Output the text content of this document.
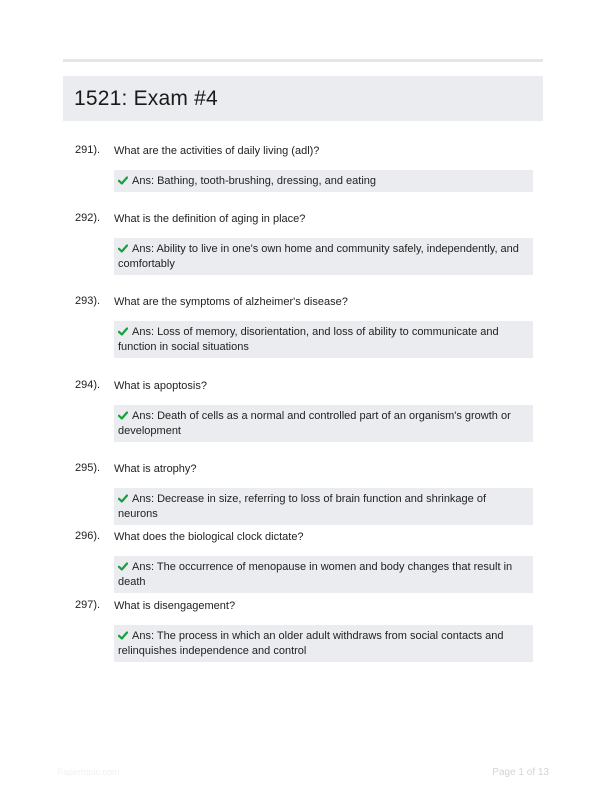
1521: Exam #4
291). What are the activities of daily living (adl)?
Ans: Bathing, tooth-brushing, dressing, and eating
292). What is the definition of aging in place?
Ans: Ability to live in one's own home and community safely, independently, and comfortably
293). What are the symptoms of alzheimer's disease?
Ans: Loss of memory, disorientation, and loss of ability to communicate and function in social situations
294). What is apoptosis?
Ans: Death of cells as a normal and controlled part of an organism's growth or development
295). What is atrophy?
Ans: Decrease in size, referring to loss of brain function and shrinkage of neurons
296). What does the biological clock dictate?
Ans: The occurrence of menopause in women and body changes that result in death
297). What is disengagement?
Ans: The process in which an older adult withdraws from social contacts and relinquishes independence and control
Papertopic.com	Page 1 of 13
